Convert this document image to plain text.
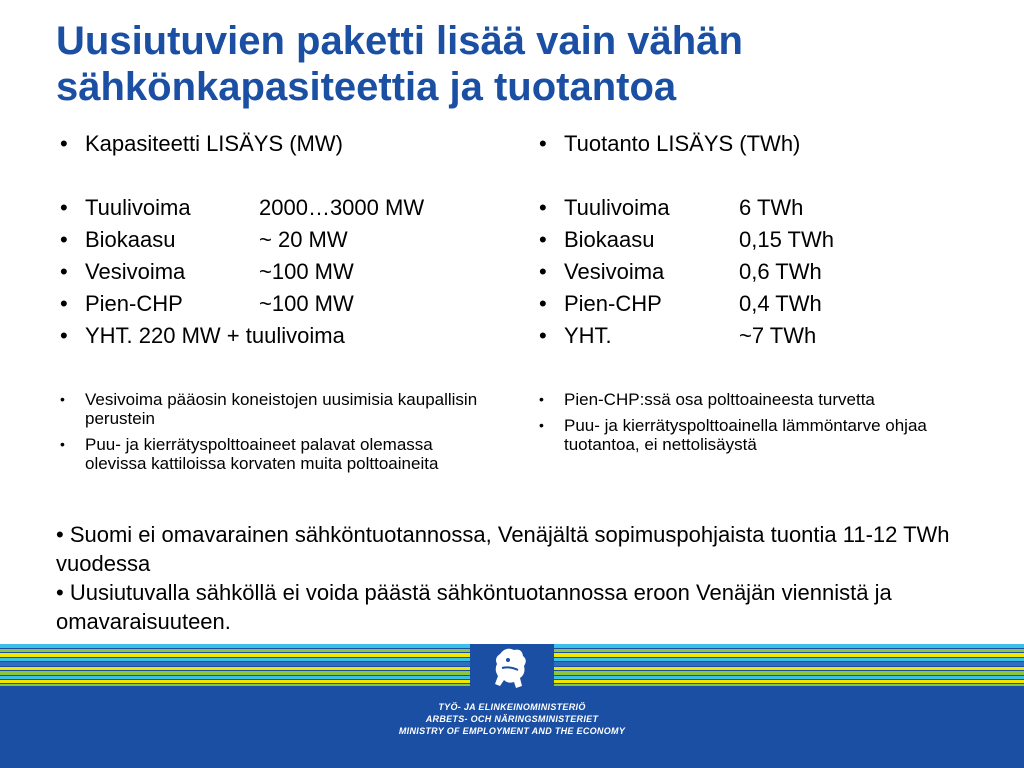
Uusiutuvien paketti lisää vain vähän
sähkönkapasiteettia ja tuotantoa
• Kapasiteetti LISÄYS (MW)
• Tuulivoima	2000…3000 MW
• Biokaasu	~ 20 MW
• Vesivoima	~100 MW
• Pien-CHP	~100 MW
• YHT. 220 MW + tuulivoima
• Vesivoima pääosin koneistojen uusimisia kaupallisin perustein
• Puu- ja kierrätyspolttoaineet palavat olemassa olevissa kattiloissa korvaten muita polttoaineita
• Tuotanto LISÄYS (TWh)
• Tuulivoima	6 TWh
• Biokaasu	0,15 TWh
• Vesivoima	0,6 TWh
• Pien-CHP	0,4 TWh
• YHT.	~7 TWh
• Pien-CHP:ssä osa polttoaineesta turvetta
• Puu- ja kierrätyspolttoainella lämmöntarve ohjaa tuotantoa, ei nettolisäystä

• Suomi ei omavarainen sähköntuotannossa, Venäjältä sopimuspohjaista tuontia 11-12 TWh vuodessa

• Uusiutuvalla sähköllä ei voida päästä sähköntuotannossa eroon Venäjän viennistä ja omavaraisuuteen.

TYÖ- JA ELINKEINOMINISTERIÖ
ARBETS- OCH NÄRINGSMINISTERIET
MINISTRY OF EMPLOYMENT AND THE ECONOMY
